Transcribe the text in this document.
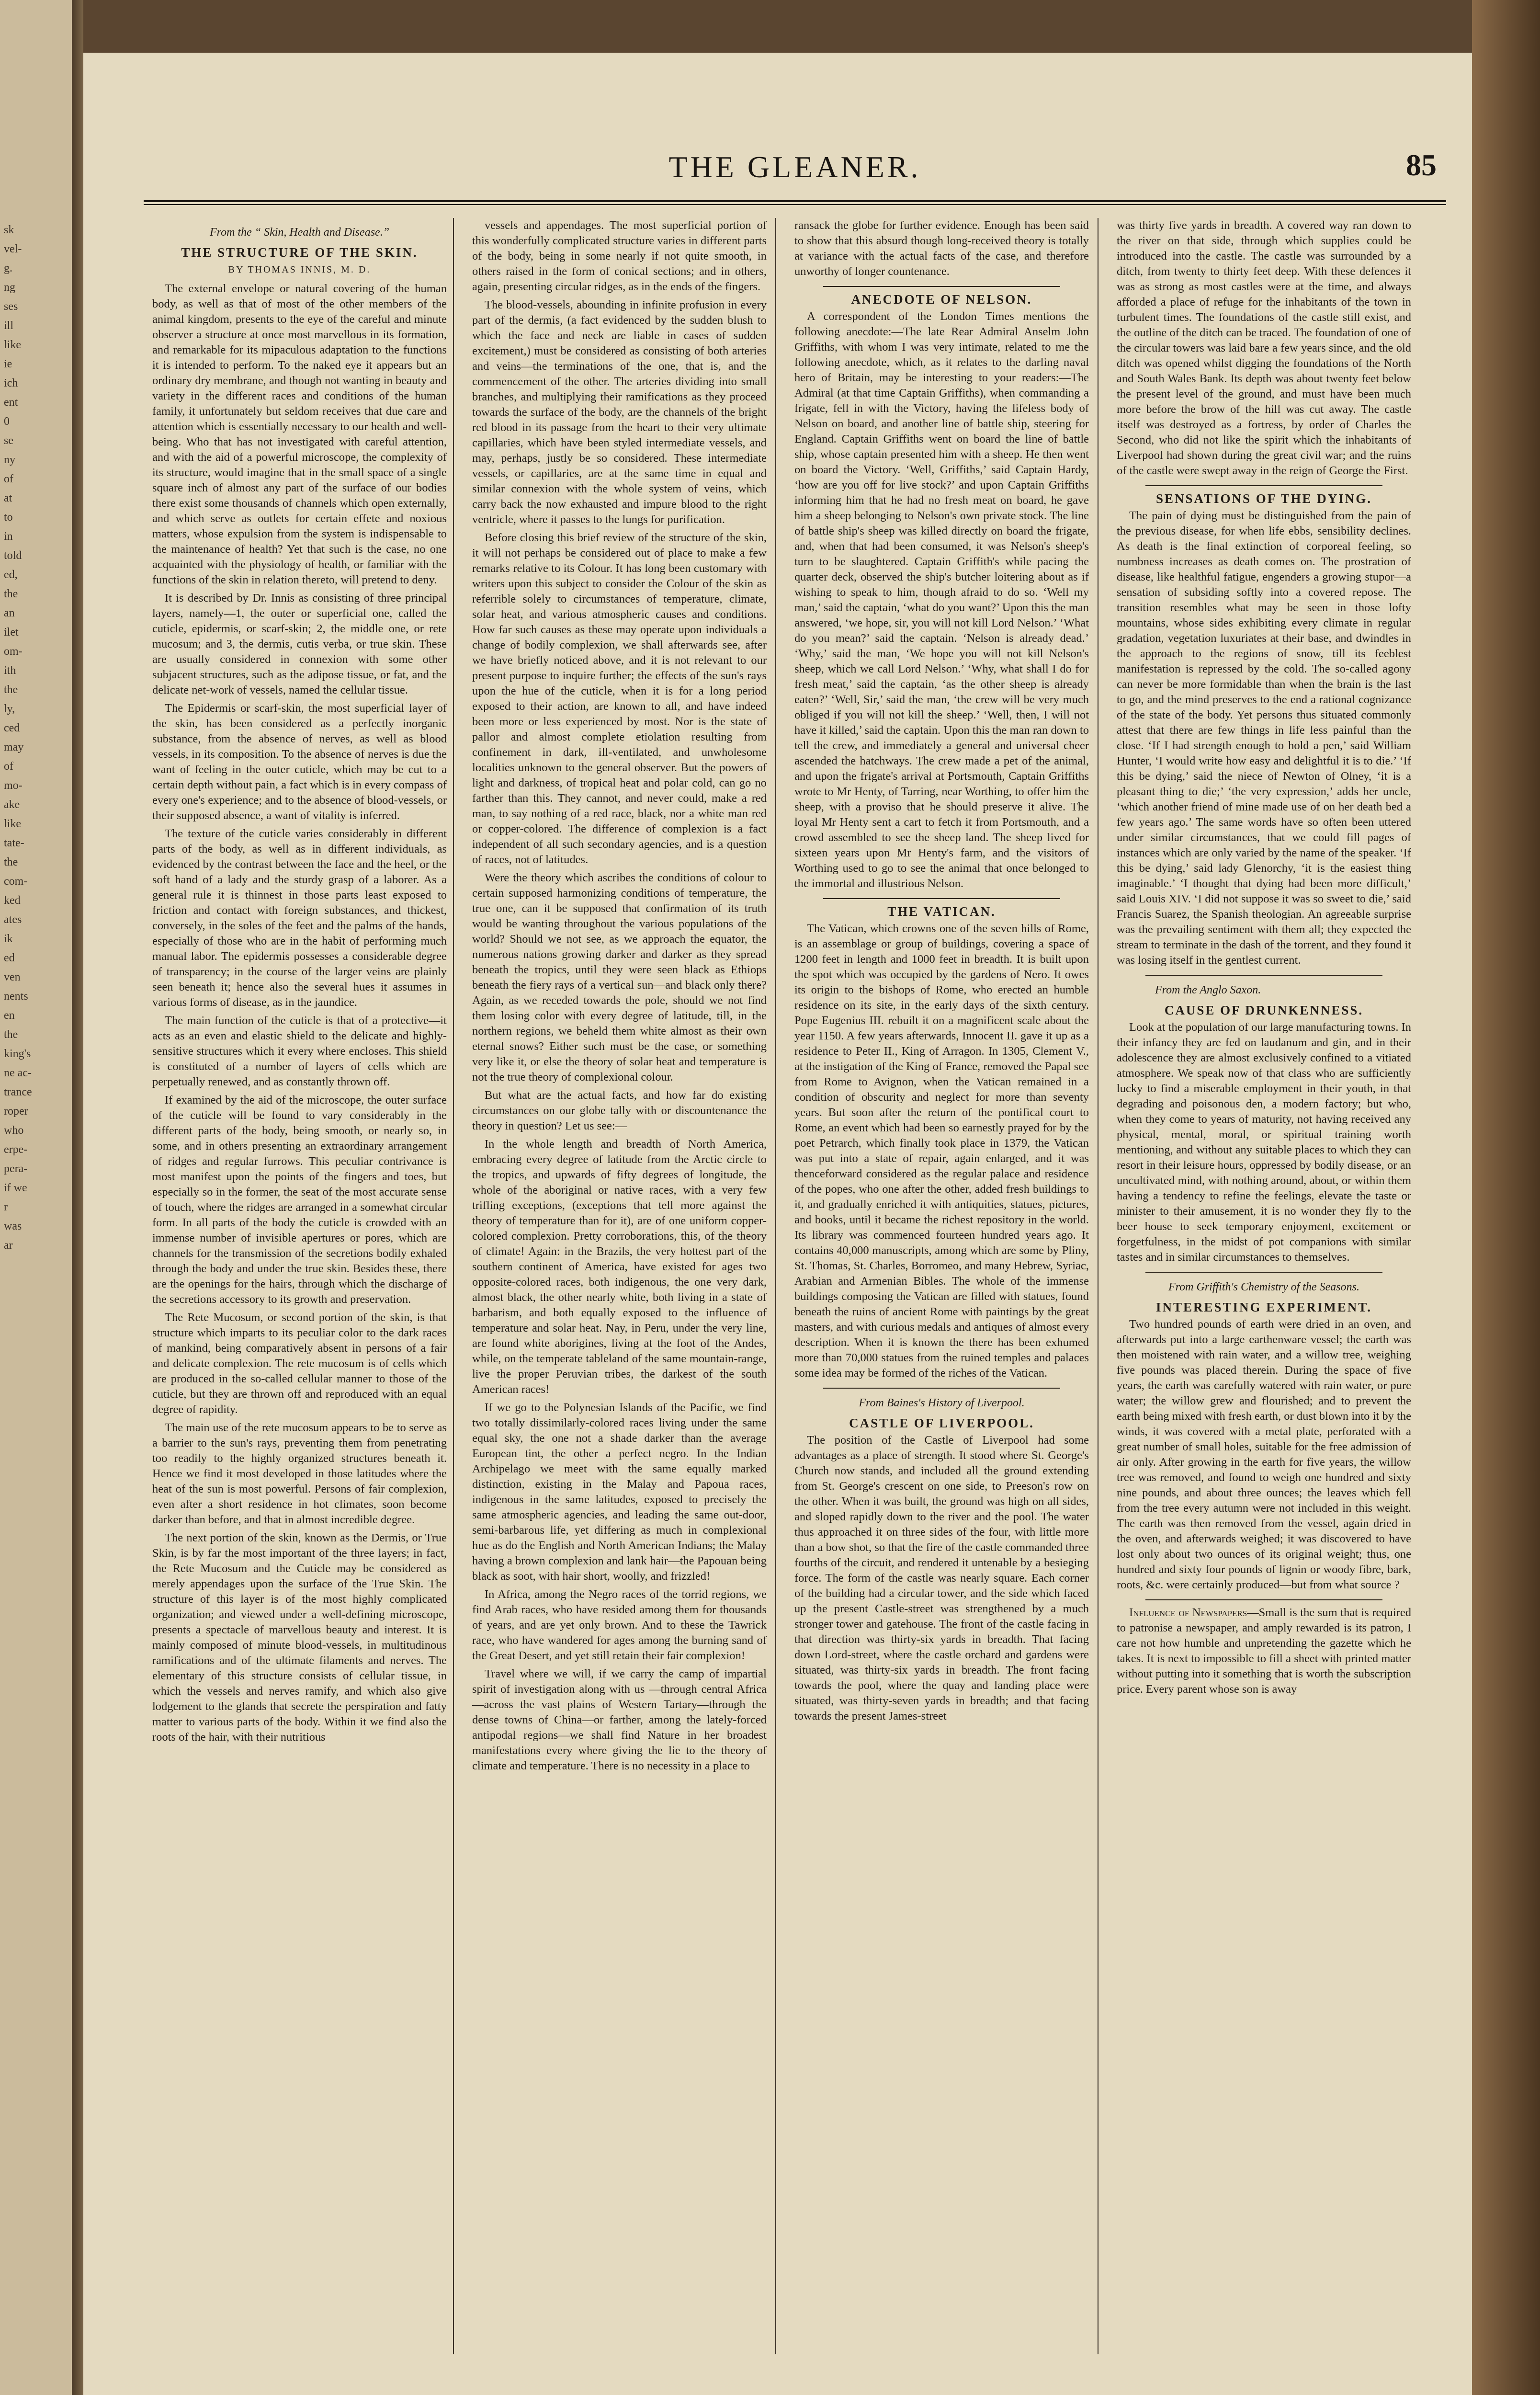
sk
vel-
g.
ng
ses
ill
like
ie
ich
ent
0
se
ny
of
at
to
in
told
ed,
the
an
ilet
om-
ith
the
ly,
ced
may
of
mo-
ake
like
tate-
the
com-
ked
ates
ik
ed
ven
nents
en
the
king's
ne ac-
trance
roper
who
erpe-
pera-
if we
r
was
ar
THE GLEANER.	85
From the “ Skin, Health and Disease.”
THE STRUCTURE OF THE SKIN.
BY THOMAS INNIS, M. D.

The external envelope or natural covering of the human body, as well as that of most of the other members of the animal kingdom, presents to the eye of the careful and minute observer a structure at once most marvellous in its formation, and remarkable for its mipaculous adaptation to the functions it is intended to perform. To the naked eye it appears but an ordinary dry membrane, and though not wanting in beauty and variety in the different races and conditions of the human family, it unfortunately but seldom receives that due care and attention which is essentially necessary to our health and well-being. Who that has not investigated with careful attention, and with the aid of a powerful microscope, the complexity of its structure, would imagine that in the small space of a single square inch of almost any part of the surface of our bodies there exist some thousands of channels which open externally, and which serve as outlets for certain effete and noxious matters, whose expulsion from the system is indispensable to the maintenance of health? Yet that such is the case, no one acquainted with the physiology of health, or familiar with the functions of the skin in relation thereto, will pretend to deny.

It is described by Dr. Innis as consisting of three principal layers, namely—1, the outer or superficial one, called the cuticle, epidermis, or scarf-skin; 2, the middle one, or rete mucosum; and 3, the dermis, cutis verba, or true skin. These are usually considered in connexion with some other subjacent structures, such as the adipose tissue, or fat, and the delicate net-work of vessels, named the cellular tissue.

The Epidermis or scarf-skin, the most superficial layer of the skin, has been considered as a perfectly inorganic substance, from the absence of nerves, as well as blood vessels, in its composition. To the absence of nerves is due the want of feeling in the outer cuticle, which may be cut to a certain depth without pain, a fact which is in every compass of every one's experience; and to the absence of blood-vessels, or their supposed absence, a want of vitality is inferred.

The texture of the cuticle varies considerably in different parts of the body, as well as in different individuals, as evidenced by the contrast between the face and the heel, or the soft hand of a lady and the sturdy grasp of a laborer. As a general rule it is thinnest in those parts least exposed to friction and contact with foreign substances, and thickest, conversely, in the soles of the feet and the palms of the hands, especially of those who are in the habit of performing much manual labor. The epidermis possesses a considerable degree of transparency; in the course of the larger veins are plainly seen beneath it; hence also the several hues it assumes in various forms of disease, as in the jaundice.

The main function of the cuticle is that of a protective—it acts as an even and elastic shield to the delicate and highly-sensitive structures which it every where encloses. This shield is constituted of a number of layers of cells which are perpetually renewed, and as constantly thrown off.

If examined by the aid of the microscope, the outer surface of the cuticle will be found to vary considerably in the different parts of the body, being smooth, or nearly so, in some, and in others presenting an extraordinary arrangement of ridges and regular furrows. This peculiar contrivance is most manifest upon the points of the fingers and toes, but especially so in the former, the seat of the most accurate sense of touch, where the ridges are arranged in a somewhat circular form. In all parts of the body the cuticle is crowded with an immense number of invisible apertures or pores, which are channels for the transmission of the secretions bodily exhaled through the body and under the true skin. Besides these, there are the openings for the hairs, through which the discharge of the secretions accessory to its growth and preservation.

The Rete Mucosum, or second portion of the skin, is that structure which imparts to its peculiar color to the dark races of mankind, being comparatively absent in persons of a fair and delicate complexion. The rete mucosum is of cells which are produced in the so-called cellular manner to those of the cuticle, but they are thrown off and reproduced with an equal degree of rapidity.

The main use of the rete mucosum appears to be to serve as a barrier to the sun's rays, preventing them from penetrating too readily to the highly organized structures beneath it. Hence we find it most developed in those latitudes where the heat of the sun is most powerful. Persons of fair complexion, even after a short residence in hot climates, soon become darker than before, and that in almost incredible degree.

The next portion of the skin, known as the Dermis, or True Skin, is by far the most important of the three layers; in fact, the Rete Mucosum and the Cuticle may be considered as merely appendages upon the surface of the True Skin. The structure of this layer is of the most highly complicated organization; and viewed under a well-defining microscope, presents a spectacle of marvellous beauty and interest. It is mainly composed of minute blood-vessels, in multitudinous ramifications and of the ultimate filaments and nerves. The elementary of this structure consists of cellular tissue, in which the vessels and nerves ramify, and which also give lodgement to the glands that secrete the perspiration and fatty matter to various parts of the body. Within it we find also the roots of the hair, with their nutritious

vessels and appendages. The most superficial portion of this wonderfully complicated structure varies in different parts of the body, being in some nearly if not quite smooth, in others raised in the form of conical sections; and in others, again, presenting circular ridges, as in the ends of the fingers.

The blood-vessels, abounding in infinite profusion in every part of the dermis, (a fact evidenced by the sudden blush to which the face and neck are liable in cases of sudden excitement,) must be considered as consisting of both arteries and veins—the terminations of the one, that is, and the commencement of the other. The arteries dividing into small branches, and multiplying their ramifications as they proceed towards the surface of the body, are the channels of the bright red blood in its passage from the heart to their very ultimate capillaries, which have been styled intermediate vessels, and may, perhaps, justly be so considered. These intermediate vessels, or capillaries, are at the same time in equal and similar connexion with the whole system of veins, which carry back the now exhausted and impure blood to the right ventricle, where it passes to the lungs for purification.

Before closing this brief review of the structure of the skin, it will not perhaps be considered out of place to make a few remarks relative to its Colour. It has long been customary with writers upon this subject to consider the Colour of the skin as referrible solely to circumstances of temperature, climate, solar heat, and various atmospheric causes and conditions. How far such causes as these may operate upon individuals a change of bodily complexion, we shall afterwards see, after we have briefly noticed above, and it is not relevant to our present purpose to inquire further; the effects of the sun's rays upon the hue of the cuticle, when it is for a long period exposed to their action, are known to all, and have indeed been more or less experienced by most. Nor is the state of pallor and almost complete etiolation resulting from confinement in dark, ill-ventilated, and unwholesome localities unknown to the general observer. But the powers of light and darkness, of tropical heat and polar cold, can go no farther than this. They cannot, and never could, make a red man, to say nothing of a red race, black, nor a white man red or copper-colored. The difference of complexion is a fact independent of all such secondary agencies, and is a question of races, not of latitudes.

Were the theory which ascribes the conditions of colour to certain supposed harmonizing conditions of temperature, the true one, can it be supposed that confirmation of its truth would be wanting throughout the various populations of the world? Should we not see, as we approach the equator, the numerous nations growing darker and darker as they spread beneath the tropics, until they were seen black as Ethiops beneath the fiery rays of a vertical sun—and black only there? Again, as we receded towards the pole, should we not find them losing color with every degree of latitude, till, in the northern regions, we beheld them white almost as their own eternal snows? Either such must be the case, or something very like it, or else the theory of solar heat and temperature is not the true theory of complexional colour.

But what are the actual facts, and how far do existing circumstances on our globe tally with or discountenance the theory in question? Let us see:—

In the whole length and breadth of North America, embracing every degree of latitude from the Arctic circle to the tropics, and upwards of fifty degrees of longitude, the whole of the aboriginal or native races, with a very few trifling exceptions, (exceptions that tell more against the theory of temperature than for it), are of one uniform copper-colored complexion. Pretty corroborations, this, of the theory of climate! Again: in the Brazils, the very hottest part of the southern continent of America, have existed for ages two opposite-colored races, both indigenous, the one very dark, almost black, the other nearly white, both living in a state of barbarism, and both equally exposed to the influence of temperature and solar heat. Nay, in Peru, under the very line, are found white aborigines, living at the foot of the Andes, while, on the temperate tableland of the same mountain-range, live the proper Peruvian tribes, the darkest of the south American races!

If we go to the Polynesian Islands of the Pacific, we find two totally dissimilarly-colored races living under the same equal sky, the one not a shade darker than the average European tint, the other a perfect negro. In the Indian Archipelago we meet with the same equally marked distinction, existing in the Malay and Papoua races, indigenous in the same latitudes, exposed to precisely the same atmospheric agencies, and leading the same out-door, semi-barbarous life, yet differing as much in complexional hue as do the English and North American Indians; the Malay having a brown complexion and lank hair—the Papouan being black as soot, with hair short, woolly, and frizzled!

In Africa, among the Negro races of the torrid regions, we find Arab races, who have resided among them for thousands of years, and are yet only brown. And to these the Tawrick race, who have wandered for ages among the burning sand of the Great Desert, and yet still retain their fair complexion!

Travel where we will, if we carry the camp of impartial spirit of investigation along with us —through central Africa—across the vast plains of Western Tartary—through the dense towns of China—or farther, among the lately-forced antipodal regions—we shall find Nature in her broadest manifestations every where giving the lie to the theory of climate and temperature. There is no necessity in a place to

ransack the globe for further evidence. Enough has been said to show that this absurd though long-received theory is totally at variance with the actual facts of the case, and therefore unworthy of longer countenance.

ANECDOTE OF NELSON.

A correspondent of the London Times mentions the following anecdote:—The late Rear Admiral Anselm John Griffiths, with whom I was very intimate, related to me the following anecdote, which, as it relates to the darling naval hero of Britain, may be interesting to your readers:—The Admiral (at that time Captain Griffiths), when commanding a frigate, fell in with the Victory, having the lifeless body of Nelson on board, and another line of battle ship, steering for England. Captain Griffiths went on board the line of battle ship, whose captain presented him with a sheep. He then went on board the Victory. ‘Well, Griffiths,’ said Captain Hardy, ‘how are you off for live stock?’ and upon Captain Griffiths informing him that he had no fresh meat on board, he gave him a sheep belonging to Nelson's own private stock. The line of battle ship's sheep was killed directly on board the frigate, and, when that had been consumed, it was Nelson's sheep's turn to be slaughtered. Captain Griffith's while pacing the quarter deck, observed the ship's butcher loitering about as if wishing to speak to him, though afraid to do so. ‘Well my man,’ said the captain, ‘what do you want?’ Upon this the man answered, ‘we hope, sir, you will not kill Lord Nelson.’ ‘What do you mean?’ said the captain. ‘Nelson is already dead.’ ‘Why,’ said the man, ‘We hope you will not kill Nelson's sheep, which we call Lord Nelson.’ ‘Why, what shall I do for fresh meat,’ said the captain, ‘as the other sheep is already eaten?’ ‘Well, Sir,’ said the man, ‘the crew will be very much obliged if you will not kill the sheep.’ ‘Well, then, I will not have it killed,’ said the captain. Upon this the man ran down to tell the crew, and immediately a general and universal cheer ascended the hatchways. The crew made a pet of the animal, and upon the frigate's arrival at Portsmouth, Captain Griffiths wrote to Mr Henty, of Tarring, near Worthing, to offer him the sheep, with a proviso that he should preserve it alive. The loyal Mr Henty sent a cart to fetch it from Portsmouth, and a crowd assembled to see the sheep land. The sheep lived for sixteen years upon Mr Henty's farm, and the visitors of Worthing used to go to see the animal that once belonged to the immortal and illustrious Nelson.

THE VATICAN.

The Vatican, which crowns one of the seven hills of Rome, is an assemblage or group of buildings, covering a space of 1200 feet in length and 1000 feet in breadth. It is built upon the spot which was occupied by the gardens of Nero. It owes its origin to the bishops of Rome, who erected an humble residence on its site, in the early days of the sixth century. Pope Eugenius III. rebuilt it on a magnificent scale about the year 1150. A few years afterwards, Innocent II. gave it up as a residence to Peter II., King of Arragon. In 1305, Clement V., at the instigation of the King of France, removed the Papal see from Rome to Avignon, when the Vatican remained in a condition of obscurity and neglect for more than seventy years. But soon after the return of the pontifical court to Rome, an event which had been so earnestly prayed for by the poet Petrarch, which finally took place in 1379, the Vatican was put into a state of repair, again enlarged, and it was thenceforward considered as the regular palace and residence of the popes, who one after the other, added fresh buildings to it, and gradually enriched it with antiquities, statues, pictures, and books, until it became the richest repository in the world. Its library was commenced fourteen hundred years ago. It contains 40,000 manuscripts, among which are some by Pliny, St. Thomas, St. Charles, Borromeo, and many Hebrew, Syriac, Arabian and Armenian Bibles. The whole of the immense buildings composing the Vatican are filled with statues, found beneath the ruins of ancient Rome with paintings by the great masters, and with curious medals and antiques of almost every description. When it is known the there has been exhumed more than 70,000 statues from the ruined temples and palaces some idea may be formed of the riches of the Vatican.

From Baines's History of Liverpool.
CASTLE OF LIVERPOOL.

The position of the Castle of Liverpool had some advantages as a place of strength. It stood where St. George's Church now stands, and included all the ground extending from St. George's crescent on one side, to Preeson's row on the other. When it was built, the ground was high on all sides, and sloped rapidly down to the river and the pool. The water thus approached it on three sides of the four, with little more than a bow shot, so that the fire of the castle commanded three fourths of the circuit, and rendered it untenable by a besieging force. The form of the castle was nearly square. Each corner of the building had a circular tower, and the side which faced up the present Castle-street was strengthened by a much stronger tower and gatehouse. The front of the castle facing in that direction was thirty-six yards in breadth. That facing down Lord-street, where the castle orchard and gardens were situated, was thirty-six yards in breadth. The front facing towards the pool, where the quay and landing place were situated, was thirty-seven yards in breadth; and that facing towards the present James-street

was thirty five yards in breadth. A covered way ran down to the river on that side, through which supplies could be introduced into the castle. The castle was surrounded by a ditch, from twenty to thirty feet deep. With these defences it was as strong as most castles were at the time, and always afforded a place of refuge for the inhabitants of the town in turbulent times. The foundations of the castle still exist, and the outline of the ditch can be traced. The foundation of one of the circular towers was laid bare a few years since, and the old ditch was opened whilst digging the foundations of the North and South Wales Bank. Its depth was about twenty feet below the present level of the ground, and must have been much more before the brow of the hill was cut away. The castle itself was destroyed as a fortress, by order of Charles the Second, who did not like the spirit which the inhabitants of Liverpool had shown during the great civil war; and the ruins of the castle were swept away in the reign of George the First.

SENSATIONS OF THE DYING.

The pain of dying must be distinguished from the pain of the previous disease, for when life ebbs, sensibility declines. As death is the final extinction of corporeal feeling, so numbness increases as death comes on. The prostration of disease, like healthful fatigue, engenders a growing stupor—a sensation of subsiding softly into a covered repose. The transition resembles what may be seen in those lofty mountains, whose sides exhibiting every climate in regular gradation, vegetation luxuriates at their base, and dwindles in the approach to the regions of snow, till its feeblest manifestation is repressed by the cold. The so-called agony can never be more formidable than when the brain is the last to go, and the mind preserves to the end a rational cognizance of the state of the body. Yet persons thus situated commonly attest that there are few things in life less painful than the close. ‘If I had strength enough to hold a pen,’ said William Hunter, ‘I would write how easy and delightful it is to die.’ ‘If this be dying,’ said the niece of Newton of Olney, ‘it is a pleasant thing to die;’ ‘the very expression,’ adds her uncle, ‘which another friend of mine made use of on her death bed a few years ago.’ The same words have so often been uttered under similar circumstances, that we could fill pages of instances which are only varied by the name of the speaker. ‘If this be dying,’ said lady Glenorchy, ‘it is the easiest thing imaginable.’ ‘I thought that dying had been more difficult,’ said Louis XIV. ‘I did not suppose it was so sweet to die,’ said Francis Suarez, the Spanish theologian. An agreeable surprise was the prevailing sentiment with them all; they expected the stream to terminate in the dash of the torrent, and they found it was losing itself in the gentlest current.

From the Anglo Saxon.
CAUSE OF DRUNKENNESS.

Look at the population of our large manufacturing towns. In their infancy they are fed on laudanum and gin, and in their adolescence they are almost exclusively confined to a vitiated atmosphere. We speak now of that class who are sufficiently lucky to find a miserable employment in their youth, in that degrading and poisonous den, a modern factory; but who, when they come to years of maturity, not having received any physical, mental, moral, or spiritual training worth mentioning, and without any suitable places to which they can resort in their leisure hours, oppressed by bodily disease, or an uncultivated mind, with nothing around, about, or within them having a tendency to refine the feelings, elevate the taste or minister to their amusement, it is no wonder they fly to the beer house to seek temporary enjoyment, excitement or forgetfulness, in the midst of pot companions with similar tastes and in similar circumstances to themselves.

From Griffith's Chemistry of the Seasons.
INTERESTING EXPERIMENT.

Two hundred pounds of earth were dried in an oven, and afterwards put into a large earthenware vessel; the earth was then moistened with rain water, and a willow tree, weighing five pounds was placed therein. During the space of five years, the earth was carefully watered with rain water, or pure water; the willow grew and flourished; and to prevent the earth being mixed with fresh earth, or dust blown into it by the winds, it was covered with a metal plate, perforated with a great number of small holes, suitable for the free admission of air only. After growing in the earth for five years, the willow tree was removed, and found to weigh one hundred and sixty nine pounds, and about three ounces; the leaves which fell from the tree every autumn were not included in this weight. The earth was then removed from the vessel, again dried in the oven, and afterwards weighed; it was discovered to have lost only about two ounces of its original weight; thus, one hundred and sixty four pounds of lignin or woody fibre, bark, roots, &c. were certainly produced—but from what source ?

Influence of Newspapers—Small is the sum that is required to patronise a newspaper, and amply rewarded is its patron, I care not how humble and unpretending the gazette which he takes. It is next to impossible to fill a sheet with printed matter without putting into it something that is worth the subscription price. Every parent whose son is away
